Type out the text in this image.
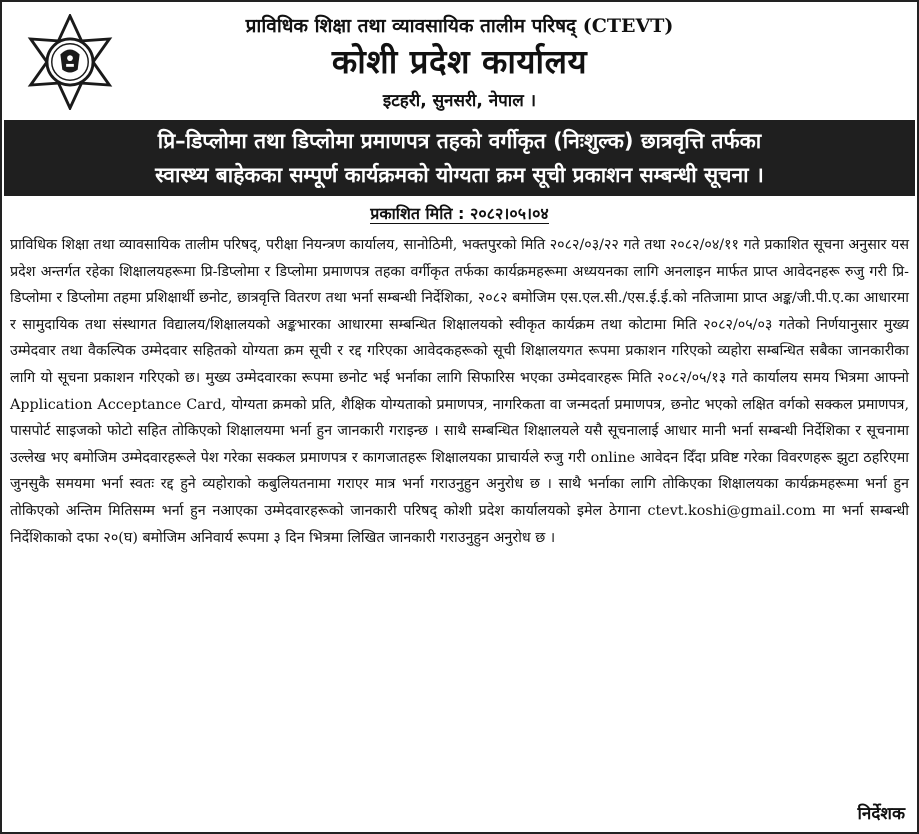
प्राविधिक शिक्षा तथा व्यावसायिक तालीम परिषद् (CTEVT)
कोशी प्रदेश कार्यालय
इटहरी, सुनसरी, नेपाल ।
प्रि–डिप्लोमा तथा डिप्लोमा प्रमाणपत्र तहको वर्गीकृत (निःशुल्क) छात्रवृत्ति तर्फका
स्वास्थ्य बाहेकका सम्पूर्ण कार्यक्रमको योग्यता क्रम सूची प्रकाशन सम्बन्धी सूचना ।
प्रकाशित मिति : २०८२।०५।०४
प्राविधिक शिक्षा तथा व्यावसायिक तालीम परिषद्, परीक्षा नियन्त्रण कार्यालय, सानोठिमी, भक्तपुरको मिति २०८२/०३/२२ गते तथा २०८२/०४/११ गते प्रकाशित सूचना अनुसार यस प्रदेश अन्तर्गत रहेका शिक्षालयहरूमा प्रि-डिप्लोमा र डिप्लोमा प्रमाणपत्र तहका वर्गीकृत तर्फका कार्यक्रमहरूमा अध्ययनका लागि अनलाइन मार्फत प्राप्त आवेदनहरू रुजु गरी प्रि-डिप्लोमा र डिप्लोमा तहमा प्रशिक्षार्थी छनोट, छात्रवृत्ति वितरण तथा भर्ना सम्बन्धी निर्देशिका, २०८२ बमोजिम एस.एल.सी./एस.ई.ई.को नतिजामा प्राप्त अङ्क/जी.पी.ए.का आधारमा र सामुदायिक तथा संस्थागत विद्यालय/शिक्षालयको अङ्कभारका आधारमा सम्बन्धित शिक्षालयको स्वीकृत कार्यक्रम तथा कोटामा मिति २०८२/०५/०३ गतेको निर्णयानुसार मुख्य उम्मेदवार तथा वैकल्पिक उम्मेदवार सहितको योग्यता क्रम सूची र रद्द गरिएका आवेदकहरूको सूची शिक्षालयगत रूपमा प्रकाशन गरिएको व्यहोरा सम्बन्धित सबैका जानकारीका लागि यो सूचना प्रकाशन गरिएको छ। मुख्य उम्मेदवारका रूपमा छनोट भई भर्नाका लागि सिफारिस भएका उम्मेदवारहरू मिति २०८२/०५/१३ गते कार्यालय समय भित्रमा आफ्नो Application Acceptance Card, योग्यता क्रमको प्रति, शैक्षिक योग्यताको प्रमाणपत्र, नागरिकता वा जन्मदर्ता प्रमाणपत्र, छनोट भएको लक्षित वर्गको सक्कल प्रमाणपत्र, पासपोर्ट साइजको फोटो सहित तोकिएको शिक्षालयमा भर्ना हुन जानकारी गराइन्छ । साथै सम्बन्धित शिक्षालयले यसै सूचनालाई आधार मानी भर्ना सम्बन्धी निर्देशिका र सूचनामा उल्लेख भए बमोजिम उम्मेदवारहरूले पेश गरेका सक्कल प्रमाणपत्र र कागजातहरू शिक्षालयका प्राचार्यले रुजु गरी online आवेदन दिँदा प्रविष्ट गरेका विवरणहरू झुटा ठहरिएमा जुनसुकै समयमा भर्ना स्वतः रद्द हुने व्यहोराको कबुलियतनामा गराएर मात्र भर्ना गराउनुहुन अनुरोध छ । साथै भर्नाका लागि तोकिएका शिक्षालयका कार्यक्रमहरूमा भर्ना हुन तोकिएको अन्तिम मितिसम्म भर्ना हुन नआएका उम्मेदवारहरूको जानकारी परिषद् कोशी प्रदेश कार्यालयको इमेल ठेगाना ctevt.koshi@gmail.com मा भर्ना सम्बन्धी निर्देशिकाको दफा २०(घ) बमोजिम अनिवार्य रूपमा ३ दिन भित्रमा लिखित जानकारी गराउनुहुन अनुरोध छ ।
निर्देशक
